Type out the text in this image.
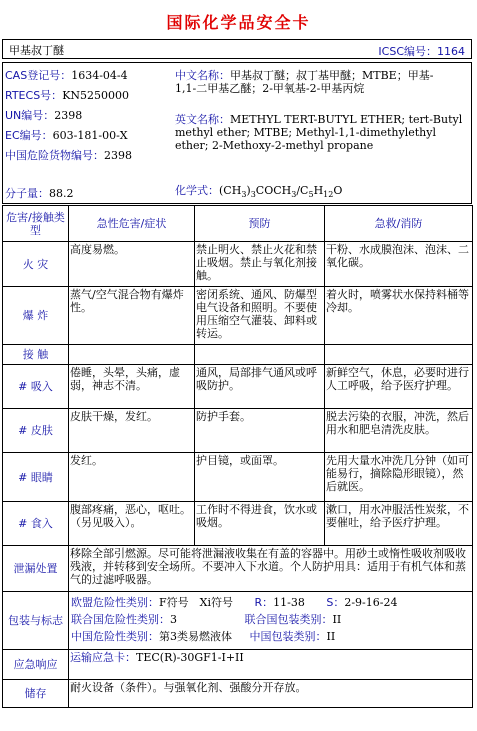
国际化学品安全卡
甲基叔丁醚	ICSC编号：1164
CAS登记号：1634-04-4
RTECS号：KN5250000
UN编号：2398
EC编号：603-181-00-X
中国危险货物编号：2398
分子量：88.2
中文名称：甲基叔丁醚；叔丁基甲醚；MTBE；甲基-
1,1-二甲基乙醚；2-甲氧基-2-甲基丙烷
英文名称：METHYL TERT-BUTYL ETHER; tert-Butyl
methyl ether; MTBE; Methyl-1,1-dimethylethyl
ether; 2-Methoxy-2-methyl propane
化学式：$(CH_3)_3COCH_3/C_5H_{12}O$
危害/接触类型	急性危害/症状	预防	急救/消防
火 灾	高度易燃。	禁止明火、禁止火花和禁止吸烟。禁止与氧化剂接触。	干粉、水成膜泡沫、泡沫、二氧化碳。
爆 炸	蒸气/空气混合物有爆炸性。	密闭系统、通风、防爆型电气设备和照明。不要使用压缩空气灌装、卸料或转运。	着火时，喷雾状水保持料桶等冷却。
接 触			
# 吸入	倦睡，头晕，头痛，虚弱，神志不清。	通风，局部排气通风或呼吸防护。	新鲜空气，休息，必要时进行人工呼吸，给予医疗护理。
# 皮肤	皮肤干燥，发红。	防护手套。	脱去污染的衣服，冲洗，然后用水和肥皂清洗皮肤。
# 眼睛	发红。	护目镜，或面罩。	先用大量水冲洗几分钟（如可能易行，摘除隐形眼镜），然后就医。
# 食入	腹部疼痛，恶心，呕吐。（另见吸入）。	工作时不得进食，饮水或吸烟。	漱口，用水冲服活性炭浆，不要催吐，给予医疗护理。
泄漏处置	移除全部引燃源。尽可能将泄漏液收集在有盖的容器中。用砂土或惰性吸收剂吸收残液，并转移到安全场所。不要冲入下水道。个人防护用具：适用于有机气体和蒸气的过滤呼吸器。		
包装与标志	欧盟危险性类别：F符号　Xi符号 R：11-38 S：2-9-16-24
联合国危险性类别：3 联合国包装类别：II
中国危险性类别：第3类易燃液体 中国包装类别：II		

应急响应	运输应急卡：TEC(R)-30GF1-I+II		
储存	耐火设备（条件）。与强氧化剂、强酸分开存放。		
